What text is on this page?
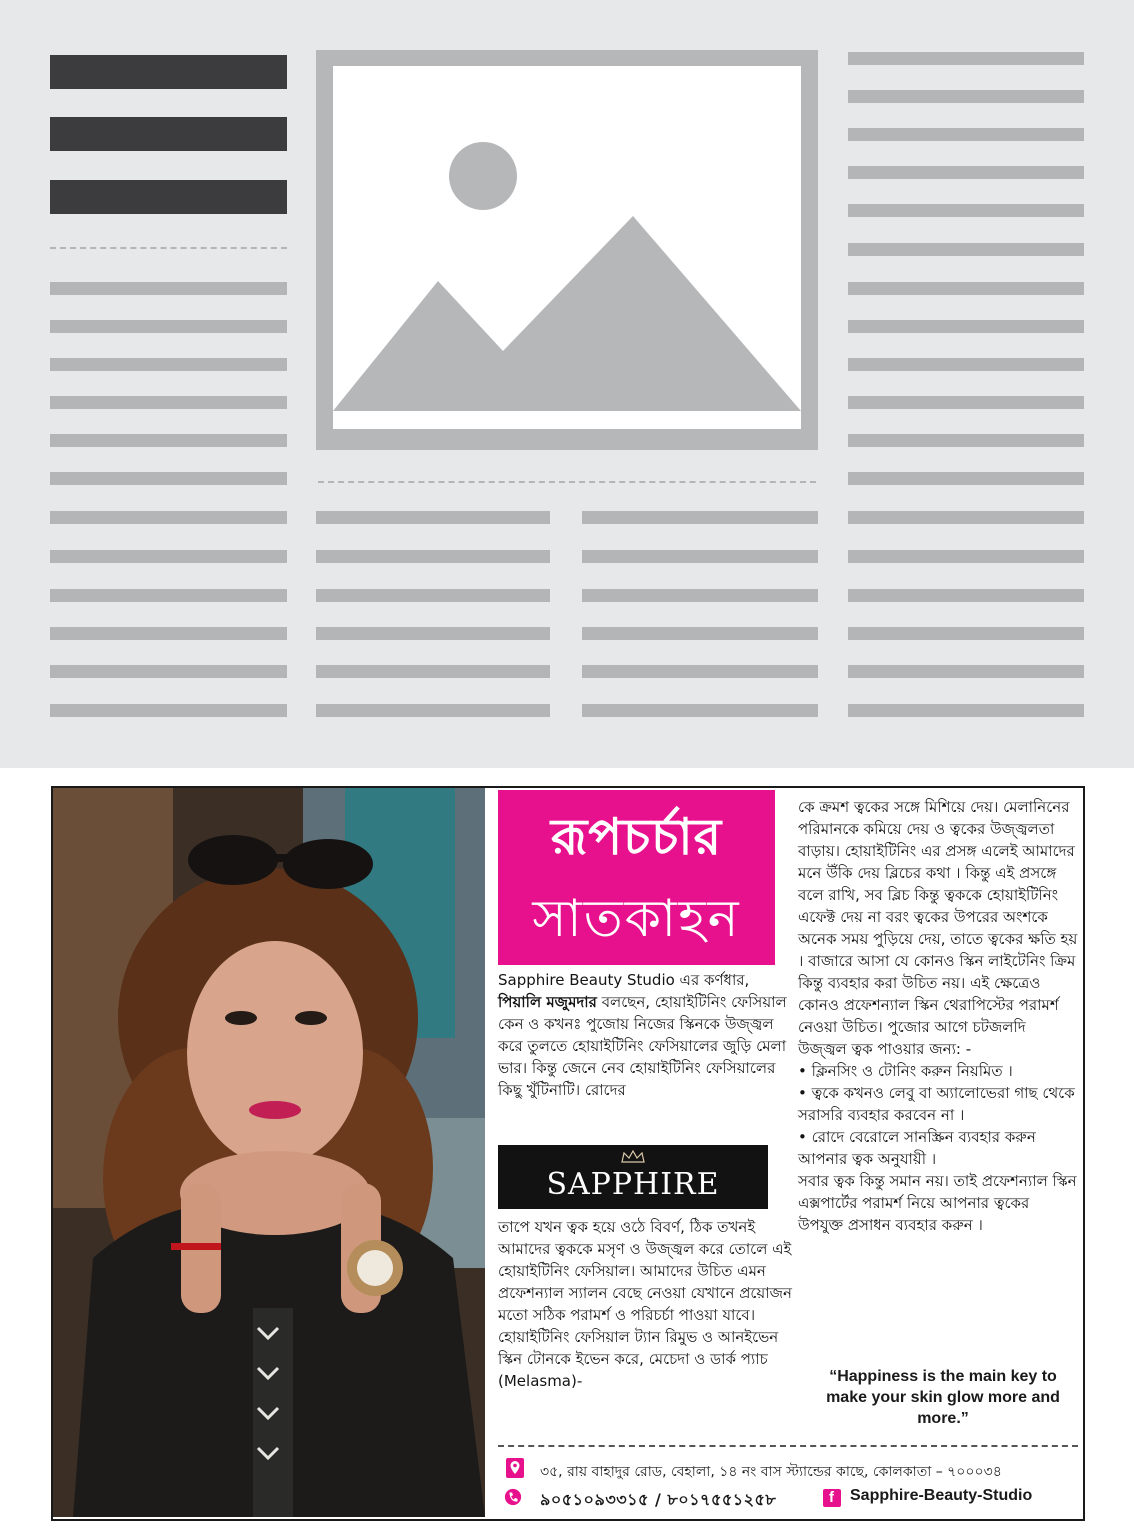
রূপচর্চার
সাতকাহন

Sapphire Beauty Studio এর কর্ণধার, পিয়ালি মজুমদার বলছেন, হোয়াইটিনিং ফেসিয়াল কেন ও কখনঃ পুজোয় নিজের স্কিনকে উজ্জ্বল করে তুলতে হোয়াইটিনিং ফেসিয়ালের জুড়ি মেলা ভার। কিন্তু জেনে নেব হোয়াইটিনিং ফেসিয়ালের কিছু খুঁটিনাটি। রোদের

SAPPHIRE

তাপে যখন ত্বক হয়ে ওঠে বিবর্ণ, ঠিক তখনই আমাদের ত্বককে মসৃণ ও উজ্জ্বল করে তোলে এই হোয়াইটিনিং ফেসিয়াল। আমাদের উচিত এমন প্রফেশন্যাল স্যালন বেছে নেওয়া যেখানে প্রয়োজন মতো সঠিক পরামর্শ ও পরিচর্চা পাওয়া যাবে। হোয়াইটিনিং ফেসিয়াল ট্যান রিমুভ ও আনইভেন স্কিন টোনকে ইভেন করে, মেচেদা ও ডার্ক প্যাচ (Melasma)-

কে ক্রমশ ত্বকের সঙ্গে মিশিয়ে দেয়। মেলানিনের পরিমানকে কমিয়ে দেয় ও ত্বকের উজ্জ্বলতা বাড়ায়। হোয়াইটিনিং এর প্রসঙ্গ এলেই আমাদের মনে উঁকি দেয় ব্লিচের কথা । কিন্তু এই প্রসঙ্গে বলে রাখি, সব ব্লিচ কিন্তু ত্বককে হোয়াইটিনিং এফেক্ট দেয় না বরং ত্বকের উপরের অংশকে অনেক সময় পুড়িয়ে দেয়, তাতে ত্বকের ক্ষতি হয় । বাজারে আসা যে কোনও স্কিন লাইটেনিং ক্রিম কিন্তু ব্যবহার করা উচিত নয়। এই ক্ষেত্রেও কোনও প্রফেশন্যাল স্কিন থেরাপিস্টের পরামর্শ নেওয়া উচিত। পুজোর আগে চটজলদি উজ্জ্বল ত্বক পাওয়ার জন্য: -
• ক্লিনসিং ও টোনিং করুন নিয়মিত ।
• ত্বকে কখনও লেবু বা অ্যালোভেরা গাছ থেকে সরাসরি ব্যবহার করবেন না ।
• রোদে বেরোলে সানস্ক্রিন ব্যবহার করুন আপনার ত্বক অনুযায়ী ।
সবার ত্বক কিন্তু সমান নয়। তাই প্রফেশন্যাল স্কিন এক্সপার্টের পরামর্শ নিয়ে আপনার ত্বকের উপযুক্ত প্রসাধন ব্যবহার করুন ।

“Happiness is the main key to make your skin glow more and more.”
৩৫, রায় বাহাদুর রোড, বেহালা, ১৪ নং বাস স্ট্যান্ডের কাছে, কোলকাতা – ৭০০০৩৪
৯০৫১০৯৩৩১৫ / ৮০১৭৫৫১২৫৮	f Sapphire-Beauty-Studio
